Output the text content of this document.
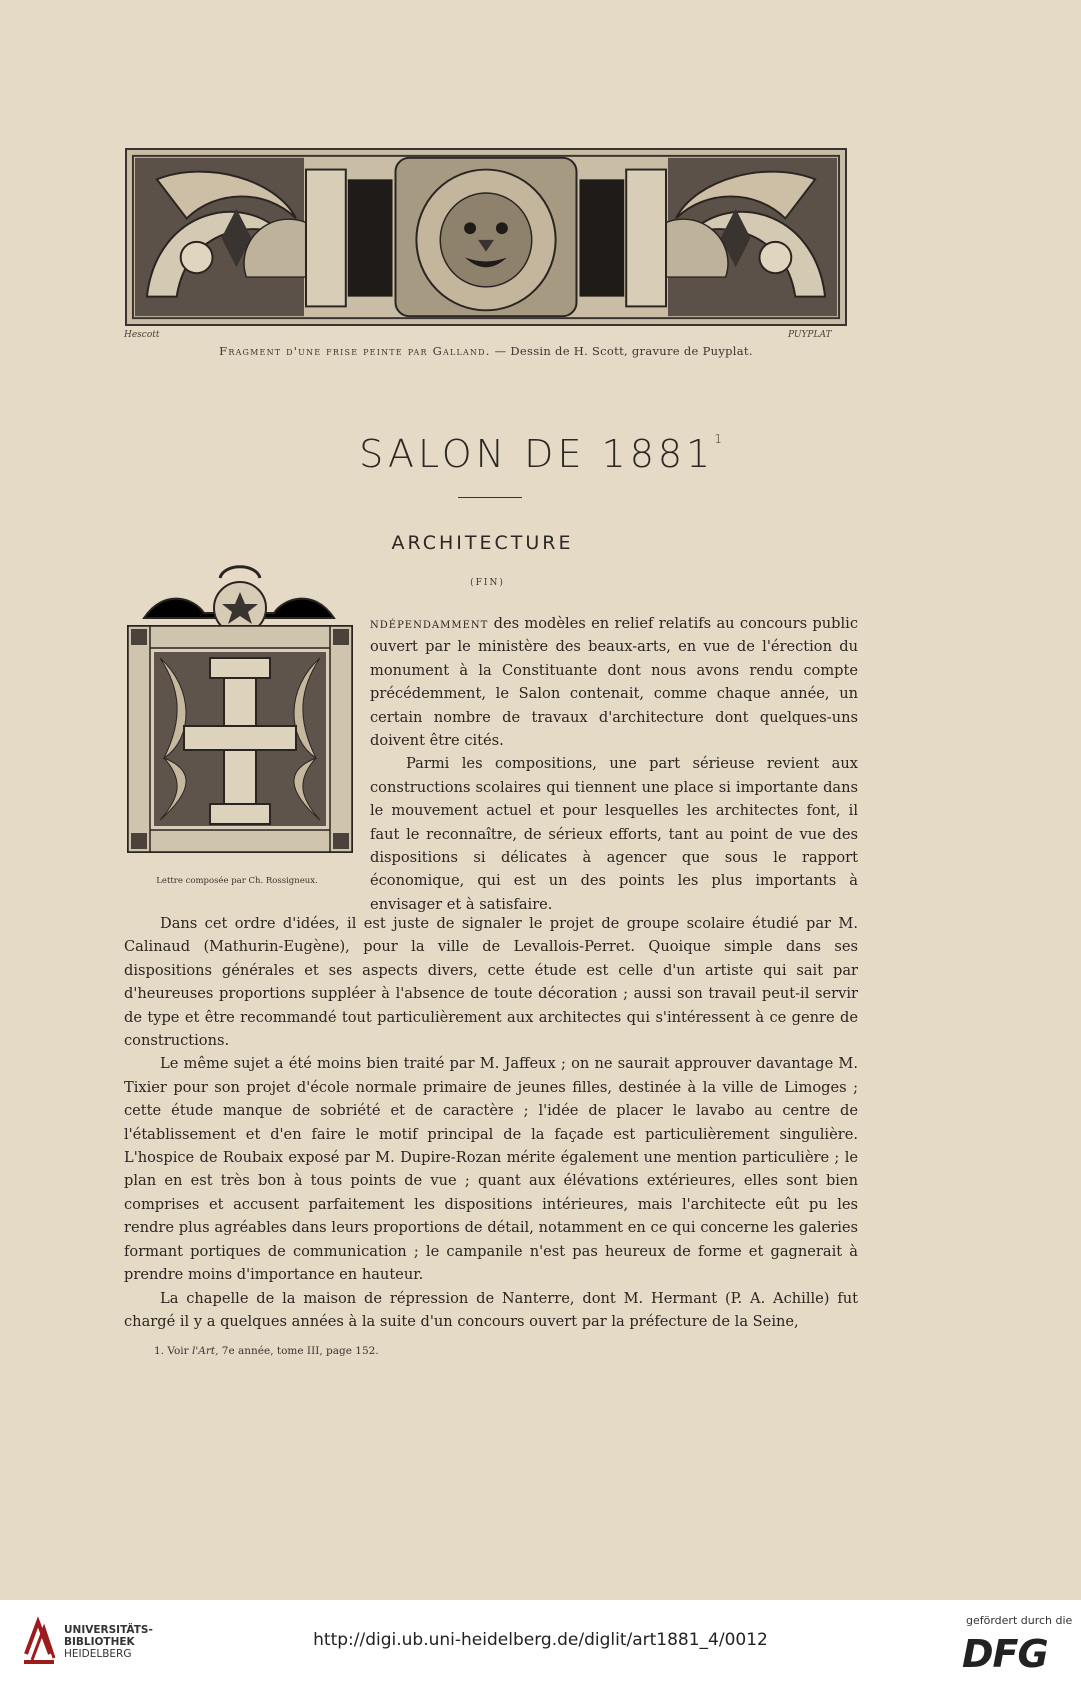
Hescott	PUYPLAT
Fragment d'une frise peinte par Galland. — Dessin de H. Scott, gravure de Puyplat.
SALON DE 1881$^1$
ARCHITECTURE
(FIN)
Lettre composée par Ch. Rossigneux.

ndépendamment des modèles en relief relatifs au concours public ouvert par le ministère des beaux-arts, en vue de l'érection du monument à la Constituante dont nous avons rendu compte précédemment, le Salon contenait, comme chaque année, un certain nombre de travaux d'architecture dont quelques-uns doivent être cités.

Parmi les compositions, une part sérieuse revient aux constructions scolaires qui tiennent une place si importante dans le mouvement actuel et pour lesquelles les architectes font, il faut le reconnaître, de sérieux efforts, tant au point de vue des dispositions si délicates à agencer que sous le rapport économique, qui est un des points les plus importants à envisager et à satisfaire.

Dans cet ordre d'idées, il est juste de signaler le projet de groupe scolaire étudié par M. Calinaud (Mathurin-Eugène), pour la ville de Levallois-Perret. Quoique simple dans ses dispositions générales et ses aspects divers, cette étude est celle d'un artiste qui sait par d'heureuses proportions suppléer à l'absence de toute décoration ; aussi son travail peut-il servir de type et être recommandé tout particulièrement aux architectes qui s'intéressent à ce genre de constructions.

Le même sujet a été moins bien traité par M. Jaffeux ; on ne saurait approuver davantage M. Tixier pour son projet d'école normale primaire de jeunes filles, destinée à la ville de Limoges ; cette étude manque de sobriété et de caractère ; l'idée de placer le lavabo au centre de l'établissement et d'en faire le motif principal de la façade est particulièrement singulière. L'hospice de Roubaix exposé par M. Dupire-Rozan mérite également une mention particulière ; le plan en est très bon à tous points de vue ; quant aux élévations extérieures, elles sont bien comprises et accusent parfaitement les dispositions intérieures, mais l'architecte eût pu les rendre plus agréables dans leurs proportions de détail, notamment en ce qui concerne les galeries formant portiques de communication ; le campanile n'est pas heureux de forme et gagnerait à prendre moins d'importance en hauteur.

La chapelle de la maison de répression de Nanterre, dont M. Hermant (P. A. Achille) fut chargé il y a quelques années à la suite d'un concours ouvert par la préfecture de la Seine,

1. Voir l'Art, 7e année, tome III, page 152.
UNIVERSITÄTS-
BIBLIOTHEK
HEIDELBERG
http://digi.ub.uni-heidelberg.de/diglit/art1881_4/0012
gefördert durch die
DFG
